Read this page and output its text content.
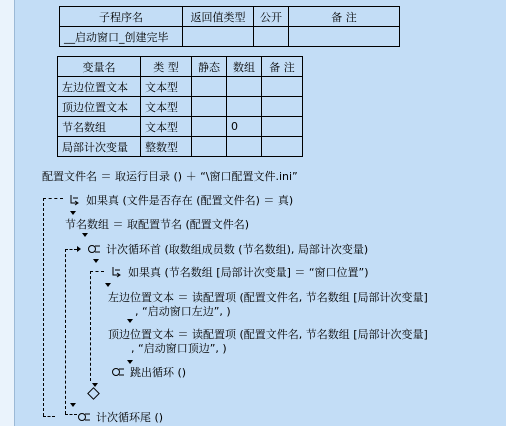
子程序名	返回值类型	公开	备 注
__启动窗口_创建完毕			
变量名	类 型	静态	数组	备 注
左边位置文本	文本型			
顶边位置文本	文本型			
节名数组	文本型		0	
局部计次变量	整数型			
配置文件名 ＝ 取运行目录 () ＋ “\窗口配置文件.ini”
如果真 (文件是否存在 (配置文件名) ＝ 真)
节名数组 ＝ 取配置节名 (配置文件名)
计次循环首 (取数组成员数 (节名数组), 局部计次变量)
如果真 (节名数组 [局部计次变量] ＝ “窗口位置”)
左边位置文本 ＝ 读配置项 (配置文件名, 节名数组 [局部计次变量]
, “启动窗口左边”, )
顶边位置文本 ＝ 读配置项 (配置文件名, 节名数组 [局部计次变量]
, “启动窗口顶边”, )
跳出循环 ()
计次循环尾 ()
